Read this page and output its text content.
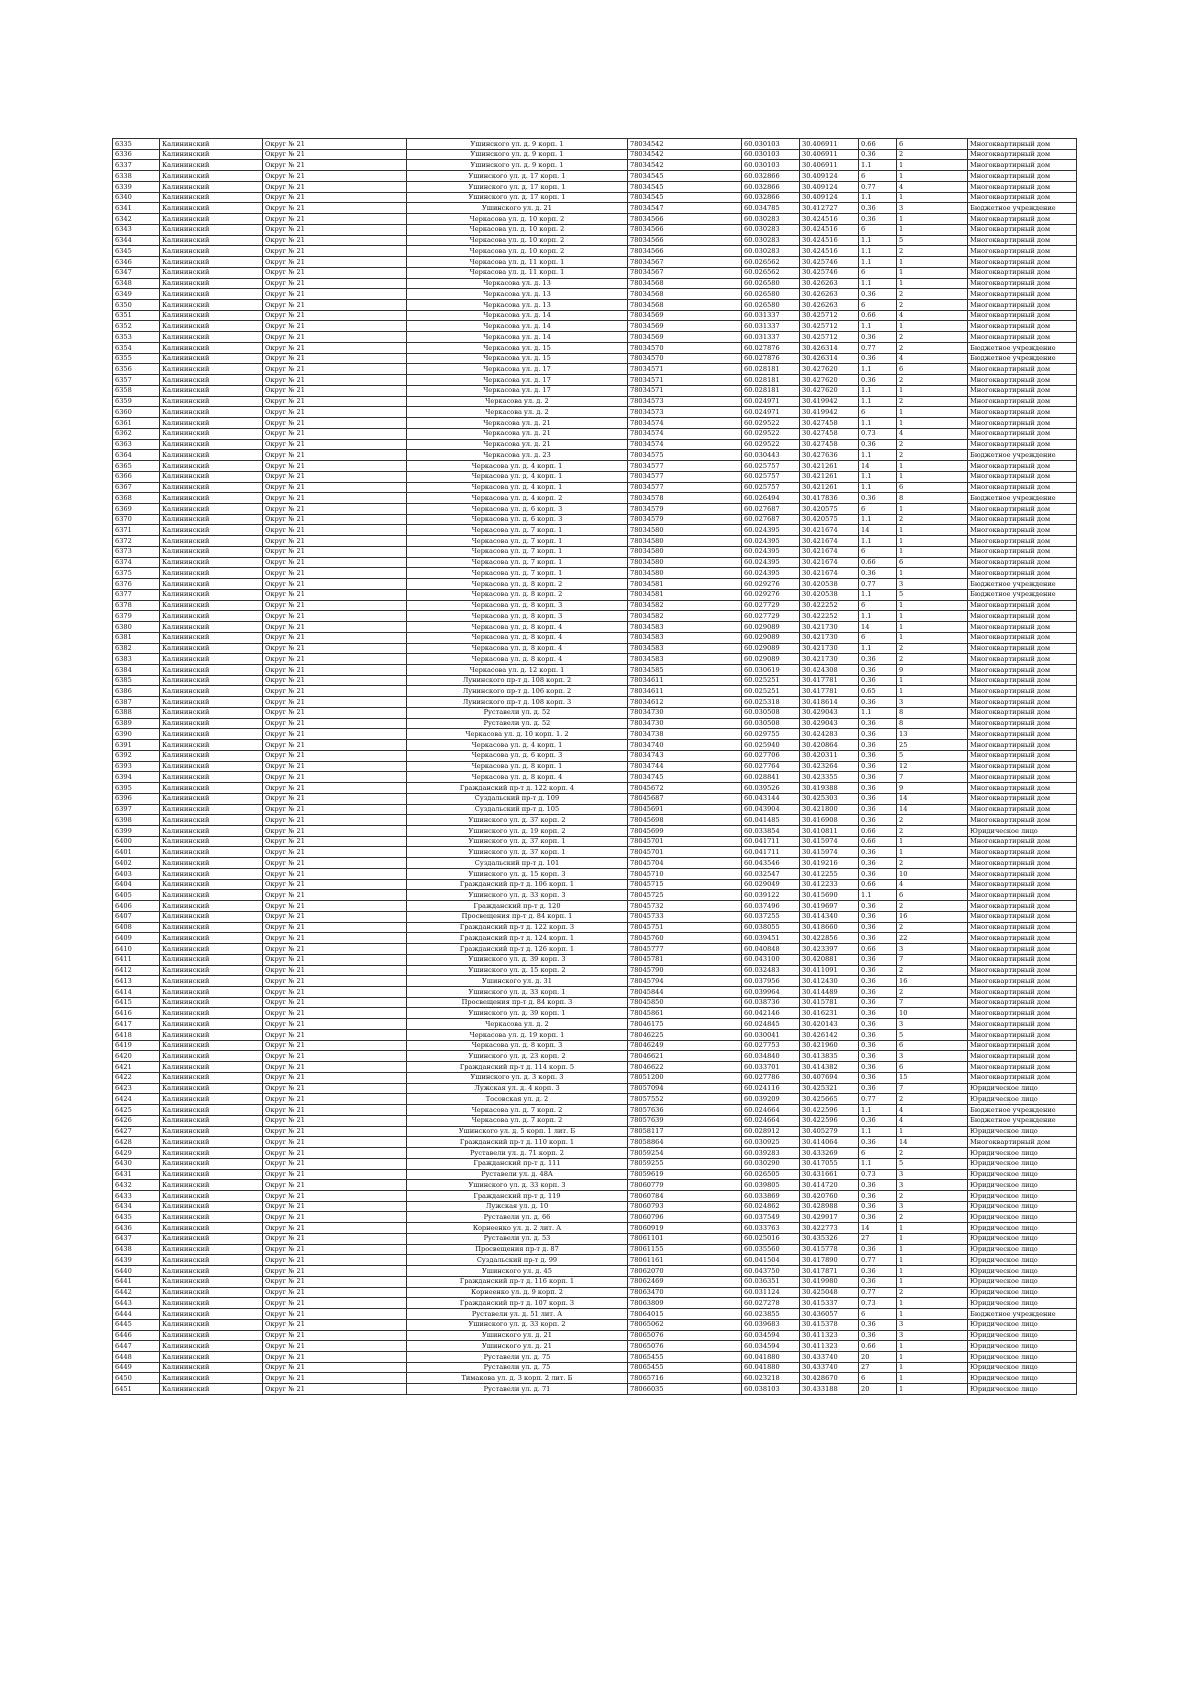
6335	Калининский	Округ № 21	Ушинского ул. д. 9 корп. 1	78034542	60.030103	30.406911	0.66	6	Многоквартирный дом
6336	Калининский	Округ № 21	Ушинского ул. д. 9 корп. 1	78034542	60.030103	30.406911	0.36	2	Многоквартирный дом
6337	Калининский	Округ № 21	Ушинского ул. д. 9 корп. 1	78034542	60.030103	30.406911	1.1	1	Многоквартирный дом
6338	Калининский	Округ № 21	Ушинского ул. д. 17 корп. 1	78034545	60.032866	30.409124	6	1	Многоквартирный дом
6339	Калининский	Округ № 21	Ушинского ул. д. 17 корп. 1	78034545	60.032866	30.409124	0.77	4	Многоквартирный дом
6340	Калининский	Округ № 21	Ушинского ул. д. 17 корп. 1	78034545	60.032866	30.409124	1.1	1	Многоквартирный дом
6341	Калининский	Округ № 21	Ушинского ул. д. 21	78034547	60.034785	30.412727	0.36	3	Бюджетное учреждение
6342	Калининский	Округ № 21	Черкасова ул. д. 10 корп. 2	78034566	60.030283	30.424516	0.36	1	Многоквартирный дом
6343	Калининский	Округ № 21	Черкасова ул. д. 10 корп. 2	78034566	60.030283	30.424516	6	1	Многоквартирный дом
6344	Калининский	Округ № 21	Черкасова ул. д. 10 корп. 2	78034566	60.030283	30.424516	1.1	5	Многоквартирный дом
6345	Калининский	Округ № 21	Черкасова ул. д. 10 корп. 2	78034566	60.030283	30.424516	1.1	2	Многоквартирный дом
6346	Калининский	Округ № 21	Черкасова ул. д. 11 корп. 1	78034567	60.026562	30.425746	1.1	1	Многоквартирный дом
6347	Калининский	Округ № 21	Черкасова ул. д. 11 корп. 1	78034567	60.026562	30.425746	6	1	Многоквартирный дом
6348	Калининский	Округ № 21	Черкасова ул. д. 13	78034568	60.026580	30.426263	1.1	1	Многоквартирный дом
6349	Калининский	Округ № 21	Черкасова ул. д. 13	78034568	60.026580	30.426263	0.36	2	Многоквартирный дом
6350	Калининский	Округ № 21	Черкасова ул. д. 13	78034568	60.026580	30.426263	6	2	Многоквартирный дом
6351	Калининский	Округ № 21	Черкасова ул. д. 14	78034569	60.031337	30.425712	0.66	4	Многоквартирный дом
6352	Калининский	Округ № 21	Черкасова ул. д. 14	78034569	60.031337	30.425712	1.1	1	Многоквартирный дом
6353	Калининский	Округ № 21	Черкасова ул. д. 14	78034569	60.031337	30.425712	0.36	2	Многоквартирный дом
6354	Калининский	Округ № 21	Черкасова ул. д. 15	78034570	60.027876	30.426314	0.77	2	Бюджетное учреждение
6355	Калининский	Округ № 21	Черкасова ул. д. 15	78034570	60.027876	30.426314	0.36	4	Бюджетное учреждение
6356	Калининский	Округ № 21	Черкасова ул. д. 17	78034571	60.028181	30.427620	1.1	6	Многоквартирный дом
6357	Калининский	Округ № 21	Черкасова ул. д. 17	78034571	60.028181	30.427620	0.36	2	Многоквартирный дом
6358	Калининский	Округ № 21	Черкасова ул. д. 17	78034571	60.028181	30.427620	1.1	1	Многоквартирный дом
6359	Калининский	Округ № 21	Черкасова ул. д. 2	78034573	60.024971	30.419942	1.1	2	Многоквартирный дом
6360	Калининский	Округ № 21	Черкасова ул. д. 2	78034573	60.024971	30.419942	6	1	Многоквартирный дом
6361	Калининский	Округ № 21	Черкасова ул. д. 21	78034574	60.029522	30.427458	1.1	1	Многоквартирный дом
6362	Калининский	Округ № 21	Черкасова ул. д. 21	78034574	60.029522	30.427458	0.73	4	Многоквартирный дом
6363	Калининский	Округ № 21	Черкасова ул. д. 21	78034574	60.029522	30.427458	0.36	2	Многоквартирный дом
6364	Калининский	Округ № 21	Черкасова ул. д. 23	78034575	60.030443	30.427636	1.1	2	Бюджетное учреждение
6365	Калининский	Округ № 21	Черкасова ул. д. 4 корп. 1	78034577	60.025757	30.421261	14	1	Многоквартирный дом
6366	Калининский	Округ № 21	Черкасова ул. д. 4 корп. 1	78034577	60.025757	30.421261	1.1	1	Многоквартирный дом
6367	Калининский	Округ № 21	Черкасова ул. д. 4 корп. 1	78034577	60.025757	30.421261	1.1	6	Многоквартирный дом
6368	Калининский	Округ № 21	Черкасова ул. д. 4 корп. 2	78034578	60.026494	30.417836	0.36	8	Бюджетное учреждение
6369	Калининский	Округ № 21	Черкасова ул. д. 6 корп. 3	78034579	60.027687	30.420575	6	1	Многоквартирный дом
6370	Калининский	Округ № 21	Черкасова ул. д. 6 корп. 3	78034579	60.027687	30.420575	1.1	2	Многоквартирный дом
6371	Калининский	Округ № 21	Черкасова ул. д. 7 корп. 1	78034580	60.024395	30.421674	14	1	Многоквартирный дом
6372	Калининский	Округ № 21	Черкасова ул. д. 7 корп. 1	78034580	60.024395	30.421674	1.1	1	Многоквартирный дом
6373	Калининский	Округ № 21	Черкасова ул. д. 7 корп. 1	78034580	60.024395	30.421674	6	1	Многоквартирный дом
6374	Калининский	Округ № 21	Черкасова ул. д. 7 корп. 1	78034580	60.024395	30.421674	0.66	6	Многоквартирный дом
6375	Калининский	Округ № 21	Черкасова ул. д. 7 корп. 1	78034580	60.024395	30.421674	0.36	1	Многоквартирный дом
6376	Калининский	Округ № 21	Черкасова ул. д. 8 корп. 2	78034581	60.029276	30.420538	0.77	3	Бюджетное учреждение
6377	Калининский	Округ № 21	Черкасова ул. д. 8 корп. 2	78034581	60.029276	30.420538	1.1	5	Бюджетное учреждение
6378	Калининский	Округ № 21	Черкасова ул. д. 8 корп. 3	78034582	60.027729	30.422252	6	1	Многоквартирный дом
6379	Калининский	Округ № 21	Черкасова ул. д. 8 корп. 3	78034582	60.027729	30.422252	1.1	1	Многоквартирный дом
6380	Калининский	Округ № 21	Черкасова ул. д. 8 корп. 4	78034583	60.029089	30.421730	14	1	Многоквартирный дом
6381	Калининский	Округ № 21	Черкасова ул. д. 8 корп. 4	78034583	60.029089	30.421730	6	1	Многоквартирный дом
6382	Калининский	Округ № 21	Черкасова ул. д. 8 корп. 4	78034583	60.029089	30.421730	1.1	2	Многоквартирный дом
6383	Калининский	Округ № 21	Черкасова ул. д. 8 корп. 4	78034583	60.029089	30.421730	0.36	2	Многоквартирный дом
6384	Калининский	Округ № 21	Черкасова ул. д. 12 корп. 1	78034585	60.030619	30.424308	0.36	9	Многоквартирный дом
6385	Калининский	Округ № 21	Лунинского пр-т д. 108 корп. 2	78034611	60.025251	30.417781	0.36	1	Многоквартирный дом
6386	Калининский	Округ № 21	Лунинского пр-т д. 106 корп. 2	78034611	60.025251	30.417781	0.65	1	Многоквартирный дом
6387	Калининский	Округ № 21	Лунинского пр-т д. 108 корп. 3	78034612	60.025318	30.418614	0.36	3	Многоквартирный дом
6388	Калининский	Округ № 21	Руставели ул. д. 52	78034730	60.030508	30.429043	1.1	8	Многоквартирный дом
6389	Калининский	Округ № 21	Руставели ул. д. 52	78034730	60.030508	30.429043	0.36	8	Многоквартирный дом
6390	Калининский	Округ № 21	Черкасова ул. д. 10 корп. 1. 2	78034738	60.029755	30.424283	0.36	13	Многоквартирный дом
6391	Калининский	Округ № 21	Черкасова ул. д. 4 корп. 1	78034740	60.025940	30.420864	0.36	25	Многоквартирный дом
6392	Калининский	Округ № 21	Черкасова ул. д. 6 корп. 3	78034743	60.027706	30.420311	0.36	5	Многоквартирный дом
6393	Калининский	Округ № 21	Черкасова ул. д. 8 корп. 1	78034744	60.027764	30.423264	0.36	12	Многоквартирный дом
6394	Калининский	Округ № 21	Черкасова ул. д. 8 корп. 4	78034745	60.028841	30.423355	0.36	7	Многоквартирный дом
6395	Калининский	Округ № 21	Гражданский пр-т д. 122 корп. 4	78045672	60.039526	30.419388	0.36	9	Многоквартирный дом
6396	Калининский	Округ № 21	Суздальский пр-т д. 109	78045687	60.043144	30.425303	0.36	14	Многоквартирный дом
6397	Калининский	Округ № 21	Суздальский пр-т д. 105	78045691	60.043904	30.421800	0.36	14	Многоквартирный дом
6398	Калининский	Округ № 21	Ушинского ул. д. 37 корп. 2	78045698	60.041485	30.416908	0.36	2	Многоквартирный дом
6399	Калининский	Округ № 21	Ушинского ул. д. 19 корп. 2	78045699	60.033854	30.410811	0.66	2	Юридическое лицо
6400	Калининский	Округ № 21	Ушинского ул. д. 37 корп. 1	78045701	60.041711	30.415974	0.66	1	Многоквартирный дом
6401	Калининский	Округ № 21	Ушинского ул. д. 37 корп. 1	78045701	60.041711	30.415974	0.36	1	Многоквартирный дом
6402	Калининский	Округ № 21	Суздальский пр-т д. 101	78045704	60.043546	30.419216	0.36	2	Многоквартирный дом
6403	Калининский	Округ № 21	Ушинского ул. д. 15 корп. 3	78045710	60.032547	30.412255	0.36	10	Многоквартирный дом
6404	Калининский	Округ № 21	Гражданский пр-т д. 106 корп. 1	78045715	60.029049	30.412233	0.66	4	Многоквартирный дом
6405	Калининский	Округ № 21	Ушинского ул. д. 33 корп. 3	78045725	60.039122	30.415690	1.1	6	Многоквартирный дом
6406	Калининский	Округ № 21	Гражданский пр-т д. 120	78045732	60.037496	30.419697	0.36	2	Многоквартирный дом
6407	Калининский	Округ № 21	Просвещения пр-т д. 84 корп. 1	78045733	60.037255	30.414340	0.36	16	Многоквартирный дом
6408	Калининский	Округ № 21	Гражданский пр-т д. 122 корп. 3	78045751	60.038055	30.418660	0.36	2	Многоквартирный дом
6409	Калининский	Округ № 21	Гражданский пр-т д. 124 корп. 1	78045760	60.039451	30.422856	0.36	22	Многоквартирный дом
6410	Калининский	Округ № 21	Гражданский пр-т д. 126 корп. 1	78045777	60.040848	30.423397	0.66	3	Многоквартирный дом
6411	Калининский	Округ № 21	Ушинского ул. д. 39 корп. 3	78045781	60.043100	30.420881	0.36	7	Многоквартирный дом
6412	Калининский	Округ № 21	Ушинского ул. д. 15 корп. 2	78045790	60.032483	30.411091	0.36	2	Многоквартирный дом
6413	Калининский	Округ № 21	Ушинского ул. д. 31	78045794	60.037956	30.412430	0.36	16	Многоквартирный дом
6414	Калининский	Округ № 21	Ушинского ул. д. 33 корп. 1	78045844	60.039964	30.414489	0.36	2	Многоквартирный дом
6415	Калининский	Округ № 21	Просвещения пр-т д. 84 корп. 3	78045850	60.038736	30.415781	0.36	7	Многоквартирный дом
6416	Калининский	Округ № 21	Ушинского ул. д. 39 корп. 1	78045861	60.042146	30.416231	0.36	10	Многоквартирный дом
6417	Калининский	Округ № 21	Черкасова ул. д. 2	78046175	60.024845	30.420143	0.36	3	Многоквартирный дом
6418	Калининский	Округ № 21	Черкасова ул. д. 19 корп. 1	78046225	60.030041	30.426142	0.36	5	Многоквартирный дом
6419	Калининский	Округ № 21	Черкасова ул. д. 8 корп. 3	78046249	60.027753	30.421960	0.36	6	Многоквартирный дом
6420	Калининский	Округ № 21	Ушинского ул. д. 23 корп. 2	78046621	60.034840	30.413835	0.36	3	Многоквартирный дом
6421	Калининский	Округ № 21	Гражданский пр-т д. 114 корп. 5	78046622	60.033701	30.414382	0.36	6	Многоквартирный дом
6422	Калининский	Округ № 21	Ушинского ул. д. 3 корп. 3	78051200	60.027786	30.407694	0.36	15	Многоквартирный дом
6423	Калининский	Округ № 21	Лужская ул. д. 4 корп. 3	78057094	60.024116	30.425321	0.36	7	Юридическое лицо
6424	Калининский	Округ № 21	Тосовская ул. д. 2	78057552	60.039209	30.425665	0.77	2	Юридическое лицо
6425	Калининский	Округ № 21	Черкасова ул. д. 7 корп. 2	78057636	60.024664	30.422596	1.1	4	Бюджетное учреждение
6426	Калининский	Округ № 21	Черкасова ул. д. 7 корп. 2	78057639	60.024664	30.422596	0.36	4	Бюджетное учреждение
6427	Калининский	Округ № 21	Ушинского ул. д. 5 корп. 1 лит. Б	78058117	60.028912	30.405279	1.1	1	Юридическое лицо
6428	Калининский	Округ № 21	Гражданский пр-т д. 110 корп. 1	78058864	60.030925	30.414064	0.36	14	Многоквартирный дом
6429	Калининский	Округ № 21	Руставели ул. д. 71 корп. 2	78059254	60.039283	30.433269	6	2	Юридическое лицо
6430	Калининский	Округ № 21	Гражданский пр-т д. 111	78059255	60.030290	30.417055	1.1	5	Юридическое лицо
6431	Калининский	Округ № 21	Руставели ул. д. 48А	78059619	60.026505	30.431661	0.73	3	Юридическое лицо
6432	Калининский	Округ № 21	Ушинского ул. д. 33 корп. 3	78060779	60.039805	30.414720	0.36	3	Юридическое лицо
6433	Калининский	Округ № 21	Гражданский пр-т д. 119	78060784	60.033869	30.420760	0.36	2	Юридическое лицо
6434	Калининский	Округ № 21	Лужская ул. д. 10	78060793	60.024862	30.428988	0.36	3	Юридическое лицо
6435	Калининский	Округ № 21	Руставели ул. д. 66	78060796	60.037549	30.429917	0.36	2	Юридическое лицо
6436	Калининский	Округ № 21	Корнеенко ул. д. 2 лит. А	78060919	60.033763	30.422773	14	1	Юридическое лицо
6437	Калининский	Округ № 21	Руставели ул. д. 53	78061101	60.025016	30.435326	27	1	Юридическое лицо
6438	Калининский	Округ № 21	Просвещения пр-т д. 87	78061155	60.035560	30.415778	0.36	1	Юридическое лицо
6439	Калининский	Округ № 21	Суздальский пр-т д. 99	78061161	60.041504	30.417890	0.77	1	Юридическое лицо
6440	Калининский	Округ № 21	Ушинского ул. д. 45	78062070	60.043750	30.417871	0.36	1	Юридическое лицо
6441	Калининский	Округ № 21	Гражданский пр-т д. 116 корп. 1	78062469	60.036351	30.419980	0.36	1	Юридическое лицо
6442	Калининский	Округ № 21	Корнеенко ул. д. 9 корп. 2	78063470	60.031124	30.425048	0.77	2	Юридическое лицо
6443	Калининский	Округ № 21	Гражданский пр-т д. 107 корп. 3	78063809	60.027278	30.415337	0.73	1	Юридическое лицо
6444	Калининский	Округ № 21	Руставели ул. д. 51 лит. А	78064015	60.023855	30.436057	6	1	Бюджетное учреждение
6445	Калининский	Округ № 21	Ушинского ул. д. 33 корп. 2	78065062	60.039683	30.415378	0.36	3	Юридическое лицо
6446	Калининский	Округ № 21	Ушинского ул. д. 21	78065076	60.034594	30.411323	0.36	3	Юридическое лицо
6447	Калининский	Округ № 21	Ушинского ул. д. 21	78065076	60.034594	30.411323	0.66	1	Юридическое лицо
6448	Калининский	Округ № 21	Руставели ул. д. 75	78065455	60.041880	30.433740	20	1	Юридическое лицо
6449	Калининский	Округ № 21	Руставели ул. д. 75	78065455	60.041880	30.433740	27	1	Юридическое лицо
6450	Калининский	Округ № 21	Тимакова ул. д. 3 корп. 2 лит. Б	78065716	60.023218	30.428670	6	1	Юридическое лицо
6451	Калининский	Округ № 21	Руставели ул. д. 71	78066035	60.038103	30.433188	20	1	Юридическое лицо
